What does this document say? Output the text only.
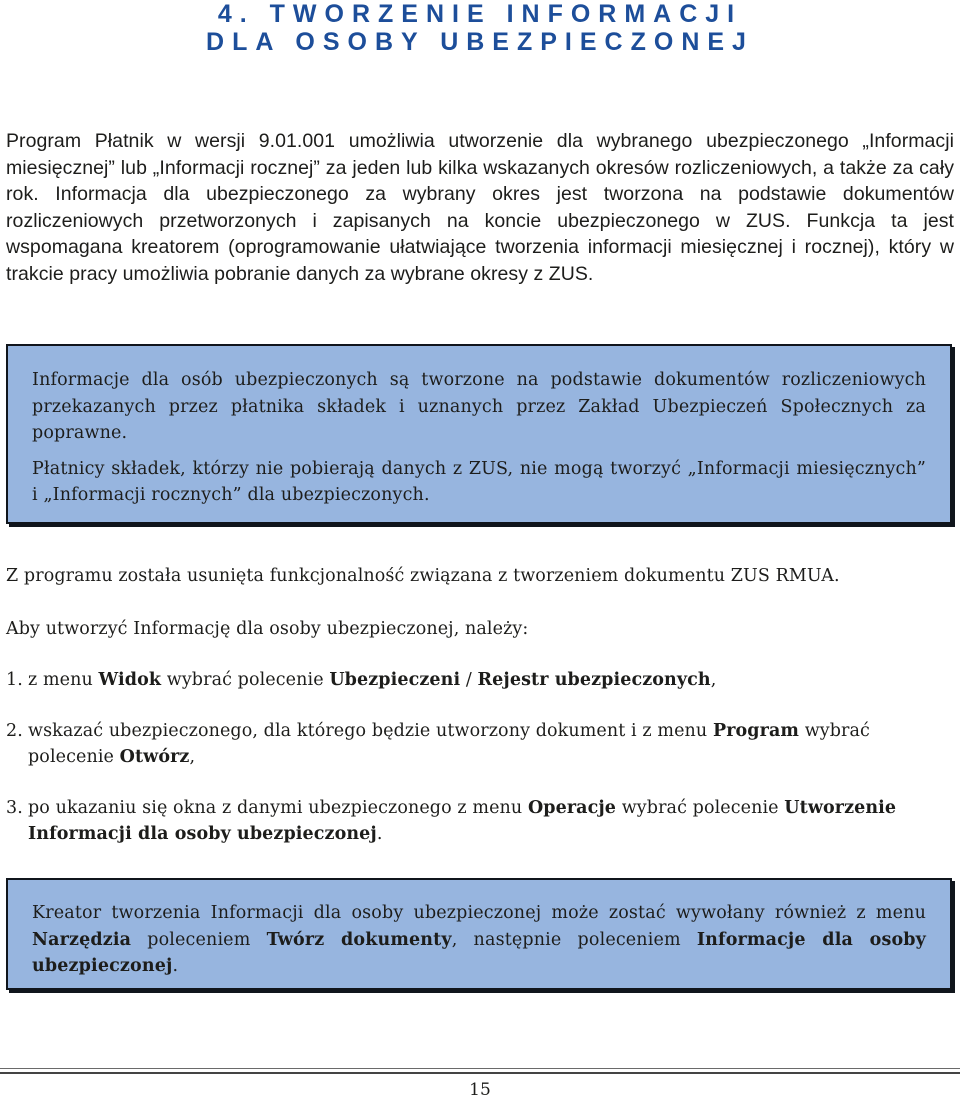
4. TWORZENIE INFORMACJI
DLA OSOBY UBEZPIECZONEJ
Program Płatnik w wersji 9.01.001 umożliwia utworzenie dla wybranego ubezpieczonego „Informacji miesięcznej” lub „Informacji rocznej” za jeden lub kilka wskazanych okresów rozliczeniowych, a także za cały rok. Informacja dla ubezpieczonego za wybrany okres jest tworzona na podstawie dokumentów rozliczeniowych przetworzonych i zapisanych na koncie ubezpieczonego w ZUS. Funkcja ta jest wspomagana kreatorem (oprogramowanie ułatwiające tworzenia informacji miesięcznej i rocznej), który w trakcie pracy umożliwia pobranie danych za wybrane okresy z ZUS.

Informacje dla osób ubezpieczonych są tworzone na podstawie dokumentów rozliczeniowych przekazanych przez płatnika składek i uznanych przez Zakład Ubezpieczeń Społecznych za poprawne.

Płatnicy składek, którzy nie pobierają danych z ZUS, nie mogą tworzyć „Informacji miesięcznych” i „Informacji rocznych” dla ubezpieczonych.

Z programu została usunięta funkcjonalność związana z tworzeniem dokumentu ZUS RMUA.
Aby utworzyć Informację dla osoby ubezpieczonej, należy:
1. z menu Widok wybrać polecenie Ubezpieczeni / Rejestr ubezpieczonych,
2. wskazać ubezpieczonego, dla którego będzie utworzony dokument i z menu Program wybrać polecenie Otwórz,
3. po ukazaniu się okna z danymi ubezpieczonego z menu Operacje wybrać polecenie Utworzenie Informacji dla osoby ubezpieczonej.

Kreator tworzenia Informacji dla osoby ubezpieczonej może zostać wywołany również z menu Narzędzia poleceniem Twórz dokumenty, następnie poleceniem Informacje dla osoby ubezpieczonej.

15
